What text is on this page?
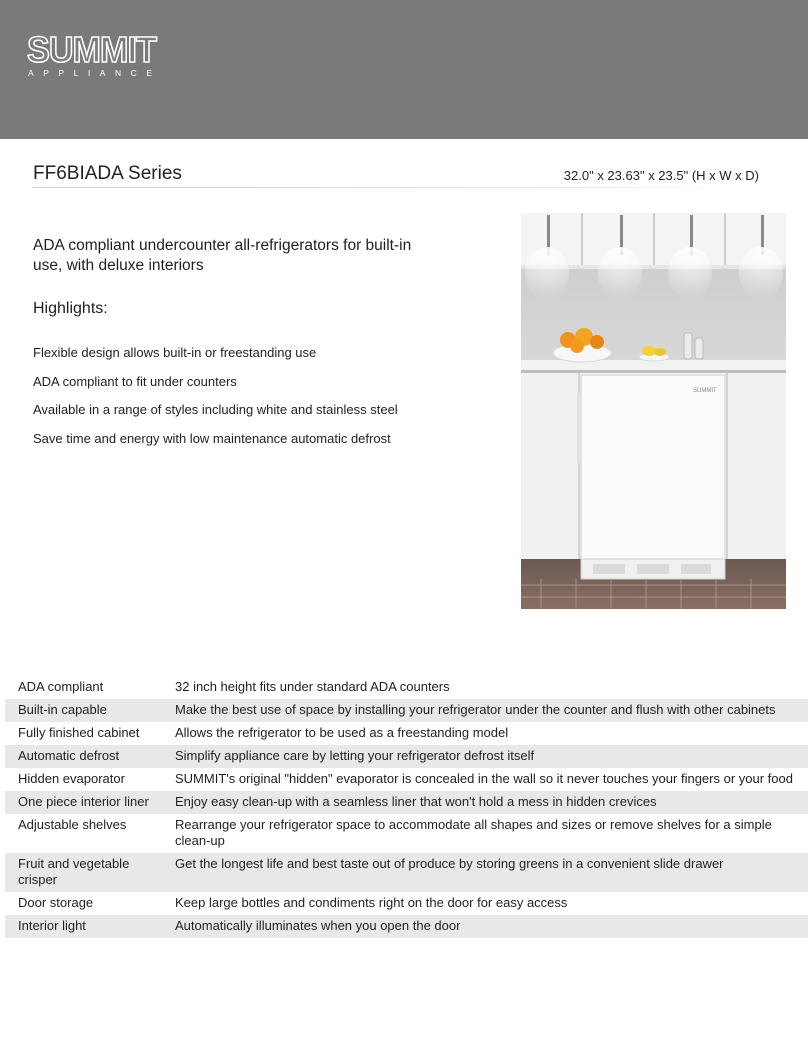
SUMMIT
APPLIANCE
FF6BIADA Series	32.0" x 23.63" x 23.5" (H x W x D)
ADA compliant undercounter all-refrigerators for built-in use, with deluxe interiors
Highlights:
Flexible design allows built-in or freestanding use
ADA compliant to fit under counters
Available in a range of styles including white and stainless steel
Save time and energy with low maintenance automatic defrost
SUMMIT
ADA compliant	32 inch height fits under standard ADA counters
Built-in capable	Make the best use of space by installing your refrigerator under the counter and flush with other cabinets
Fully finished cabinet	Allows the refrigerator to be used as a freestanding model
Automatic defrost	Simplify appliance care by letting your refrigerator defrost itself
Hidden evaporator	SUMMIT's original "hidden" evaporator is concealed in the wall so it never touches your fingers or your food
One piece interior liner	Enjoy easy clean-up with a seamless liner that won't hold a mess in hidden crevices
Adjustable shelves	Rearrange your refrigerator space to accommodate all shapes and sizes or remove shelves for a simple clean-up
Fruit and vegetable crisper	Get the longest life and best taste out of produce by storing greens in a convenient slide drawer
Door storage	Keep large bottles and condiments right on the door for easy access
Interior light	Automatically illuminates when you open the door
